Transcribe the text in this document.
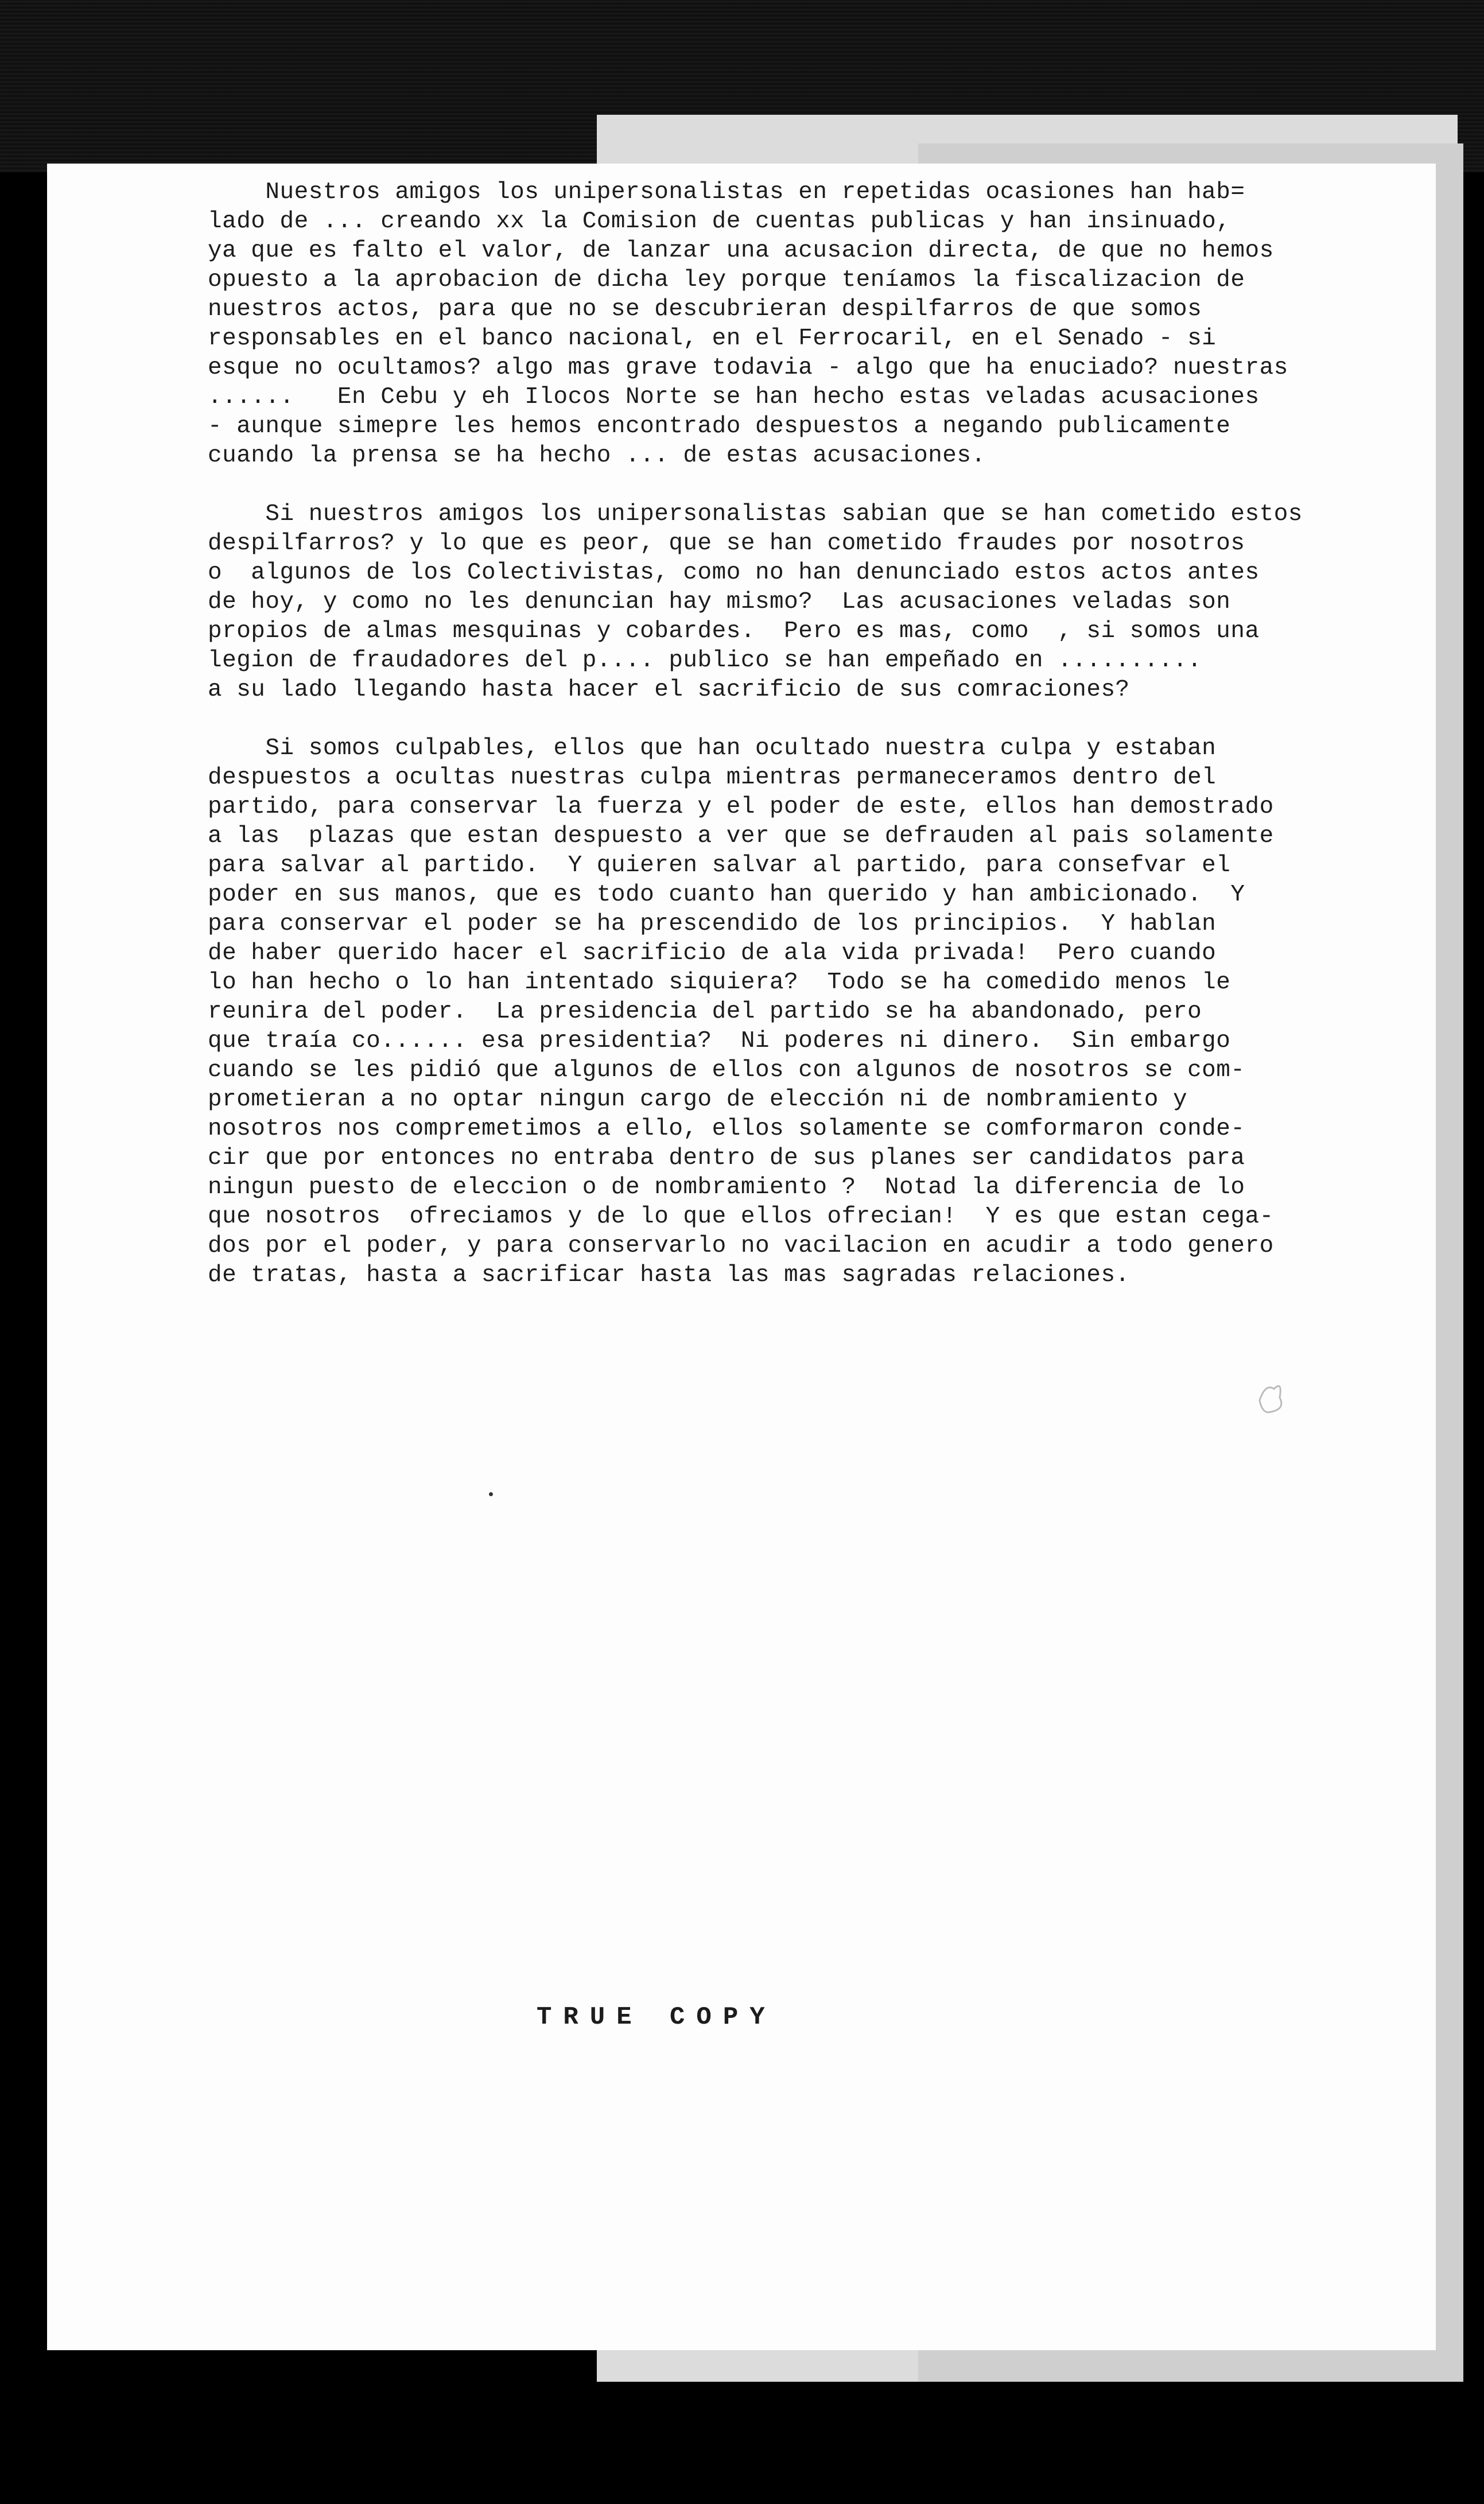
Nuestros amigos los unipersonalistas en repetidas ocasiones han hab=
lado de ... creando xx la Comision de cuentas publicas y han insinuado,
ya que es falto el valor, de lanzar una acusacion directa, de que no hemos
opuesto a la aprobacion de dicha ley porque teníamos la fiscalizacion de
nuestros actos, para que no se descubrieran despilfarros de que somos
responsables en el banco nacional, en el Ferrocaril, en el Senado - si
esque no ocultamos? algo mas grave todavia - algo que ha enuciado? nuestras
......   En Cebu y eh Ilocos Norte se han hecho estas veladas acusaciones
- aunque simepre les hemos encontrado despuestos a negando publicamente
cuando la prensa se ha hecho ... de estas acusaciones.
Si nuestros amigos los unipersonalistas sabian que se han cometido estos
despilfarros? y lo que es peor, que se han cometido fraudes por nosotros
o  algunos de los Colectivistas, como no han denunciado estos actos antes
de hoy, y como no les denuncian hay mismo?  Las acusaciones veladas son
propios de almas mesquinas y cobardes.  Pero es mas, como  , si somos una
legion de fraudadores del p.... publico se han empeñado en ..........
a su lado llegando hasta hacer el sacrificio de sus comraciones?
Si somos culpables, ellos que han ocultado nuestra culpa y estaban
despuestos a ocultas nuestras culpa mientras permaneceramos dentro del
partido, para conservar la fuerza y el poder de este, ellos han demostrado
a las  plazas que estan despuesto a ver que se defrauden al pais solamente
para salvar al partido.  Y quieren salvar al partido, para consefvar el
poder en sus manos, que es todo cuanto han querido y han ambicionado.  Y
para conservar el poder se ha prescendido de los principios.  Y hablan
de haber querido hacer el sacrificio de ala vida privada!  Pero cuando
lo han hecho o lo han intentado siquiera?  Todo se ha comedido menos le
reunira del poder.  La presidencia del partido se ha abandonado, pero
que traía co...... esa presidentia?  Ni poderes ni dinero.  Sin embargo
cuando se les pidió que algunos de ellos con algunos de nosotros se com-
prometieran a no optar ningun cargo de elección ni de nombramiento y
nosotros nos compremetimos a ello, ellos solamente se comformaron conde-
cir que por entonces no entraba dentro de sus planes ser candidatos para
ningun puesto de eleccion o de nombramiento ?  Notad la diferencia de lo
que nosotros  ofreciamos y de lo que ellos ofrecian!  Y es que estan cega-
dos por el poder, y para conservarlo no vacilacion en acudir a todo genero
de tratas, hasta a sacrificar hasta las mas sagradas relaciones.
TRUE COPY
